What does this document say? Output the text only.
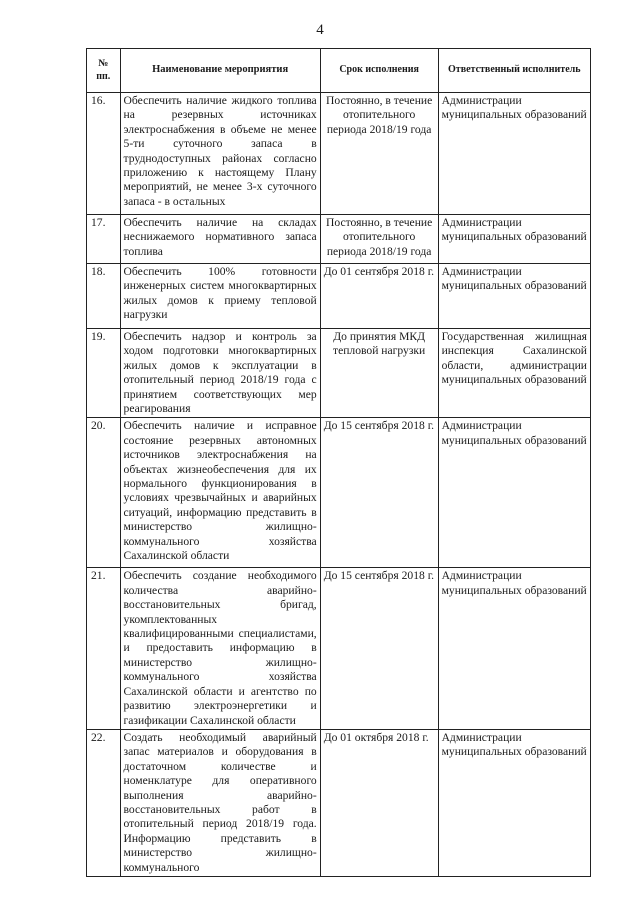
4
№
пп.	Наименование мероприятия	Срок исполнения	Ответственный исполнитель
16.	Обеспечить наличие жидкого топлива на резервных источниках электроснабжения в объеме не менее 5-ти суточного запаса в труднодоступных районах согласно приложению к настоящему Плану мероприятий, не менее 3-х суточного запаса - в остальных	Постоянно, в течение отопительного периода 2018/19 года	Администрации муниципальных образований
17.	Обеспечить наличие на складах неснижаемого нормативного запаса топлива	Постоянно, в течение отопительного периода 2018/19 года	Администрации муниципальных образований
18.	Обеспечить 100% готовности инженерных систем многоквартирных жилых домов к приему тепловой нагрузки	До 01 сентября 2018 г.	Администрации муниципальных образований
19.	Обеспечить надзор и контроль за ходом подготовки многоквартирных жилых домов к эксплуатации в отопительный период 2018/19 года с принятием соответствующих мер реагирования	До принятия МКД тепловой нагрузки	Государственная жилищная инспекция Сахалинской области, администрации муниципальных образований
20.	Обеспечить наличие и исправное состояние резервных автономных источников электроснабжения на объектах жизнеобеспечения для их нормального функционирования в условиях чрезвычайных и аварийных ситуаций, информацию представить в министерство жилищно-коммунального хозяйства Сахалинской области	До 15 сентября 2018 г.	Администрации муниципальных образований
21.	Обеспечить создание необходимого количества аварийно-восстановительных бригад, укомплектованных квалифицированными специалистами, и предоставить информацию в министерство жилищно-коммунального хозяйства Сахалинской области и агентство по развитию электроэнергетики и газификации Сахалинской области	До 15 сентября 2018 г.	Администрации муниципальных образований
22.	Создать необходимый аварийный запас материалов и оборудования в достаточном количестве и номенклатуре для оперативного выполнения аварийно-восстановительных работ в отопительный период 2018/19 года. Информацию представить в министерство жилищно-коммунального	До 01 октября 2018 г.	Администрации муниципальных образований
